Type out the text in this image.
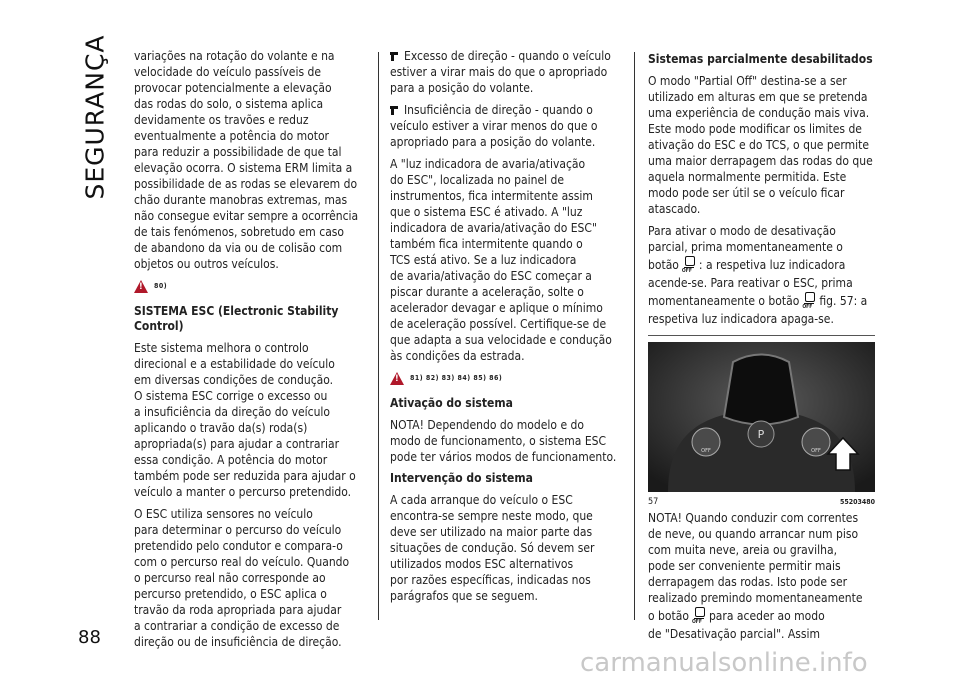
SEGURANÇA variações na rotação do volante e na
velocidade do veículo passíveis de
provocar potencialmente a elevação
das rodas do solo, o sistema aplica
devidamente os travões e reduz
eventualmente a potência do motor
para reduzir a possibilidade de que tal
elevação ocorra. O sistema ERM limita a
possibilidade de as rodas se elevarem do
chão durante manobras extremas, mas
não consegue evitar sempre a ocorrência
de tais fenómenos, sobretudo em caso
de abandono da via ou de colisão com
objetos ou outros veículos.

!
80)
SISTEMA ESC (Electronic Stability Control)

Este sistema melhora o controlo
direcional e a estabilidade do veículo
em diversas condições de condução.
O sistema ESC corrige o excesso ou
a insuficiência da direção do veículo
aplicando o travão da(s) roda(s)
apropriada(s) para ajudar a contrariar
essa condição. A potência do motor
também pode ser reduzida para ajudar o
veículo a manter o percurso pretendido.

O ESC utiliza sensores no veículo
para determinar o percurso do veículo
pretendido pelo condutor e compara-o
com o percurso real do veículo. Quando
o percurso real não corresponde ao
percurso pretendido, o ESC aplica o
travão da roda apropriada para ajudar
a contrariar a condição de excesso de
direção ou de insuficiência de direção.

Excesso de direção - quando o veículo
estiver a virar mais do que o apropriado
para a posição do volante.

Insuficiência de direção - quando o
veículo estiver a virar menos do que o
apropriado para a posição do volante.

A "luz indicadora de avaria/ativação
do ESC", localizada no painel de
instrumentos, fica intermitente assim
que o sistema ESC é ativado. A "luz
indicadora de avaria/ativação do ESC"
também fica intermitente quando o
TCS está ativo. Se a luz indicadora
de avaria/ativação do ESC começar a
piscar durante a aceleração, solte o
acelerador devagar e aplique o mínimo
de aceleração possível. Certifique-se de
que adapta a sua velocidade e condução
às condições da estrada.

!
81) 82) 83) 84) 85) 86)
Ativação do sistema

NOTA! Dependendo do modelo e do
modo de funcionamento, o sistema ESC
pode ter vários modos de funcionamento.

Intervenção do sistema

A cada arranque do veículo o ESC
encontra-se sempre neste modo, que
deve ser utilizado na maior parte das
situações de condução. Só devem ser
utilizados modos ESC alternativos
por razões específicas, indicadas nos
parágrafos que se seguem.

Sistemas parcialmente desabilitados

O modo "Partial Off" destina-se a ser
utilizado em alturas em que se pretenda
uma experiência de condução mais viva.
Este modo pode modificar os limites de
ativação do ESC e do TCS, o que permite
uma maior derrapagem das rodas do que
aquela normalmente permitida. Este
modo pode ser útil se o veículo ficar
atascado.

Para ativar o modo de desativação
parcial, prima momentaneamente o
botão OFF : a respetiva luz indicadora
acende-se. Para reativar o ESC, prima
momentaneamente o botão OFF fig. 57: a
respetiva luz indicadora apaga-se.

P
OFF	OFF
57	55203480

NOTA! Quando conduzir com correntes
de neve, ou quando arrancar num piso
com muita neve, areia ou gravilha,
pode ser conveniente permitir mais
derrapagem das rodas. Isto pode ser
realizado premindo momentaneamente
o botão OFF para aceder ao modo
de "Desativação parcial". Assim

88
carmanualsonline.info
